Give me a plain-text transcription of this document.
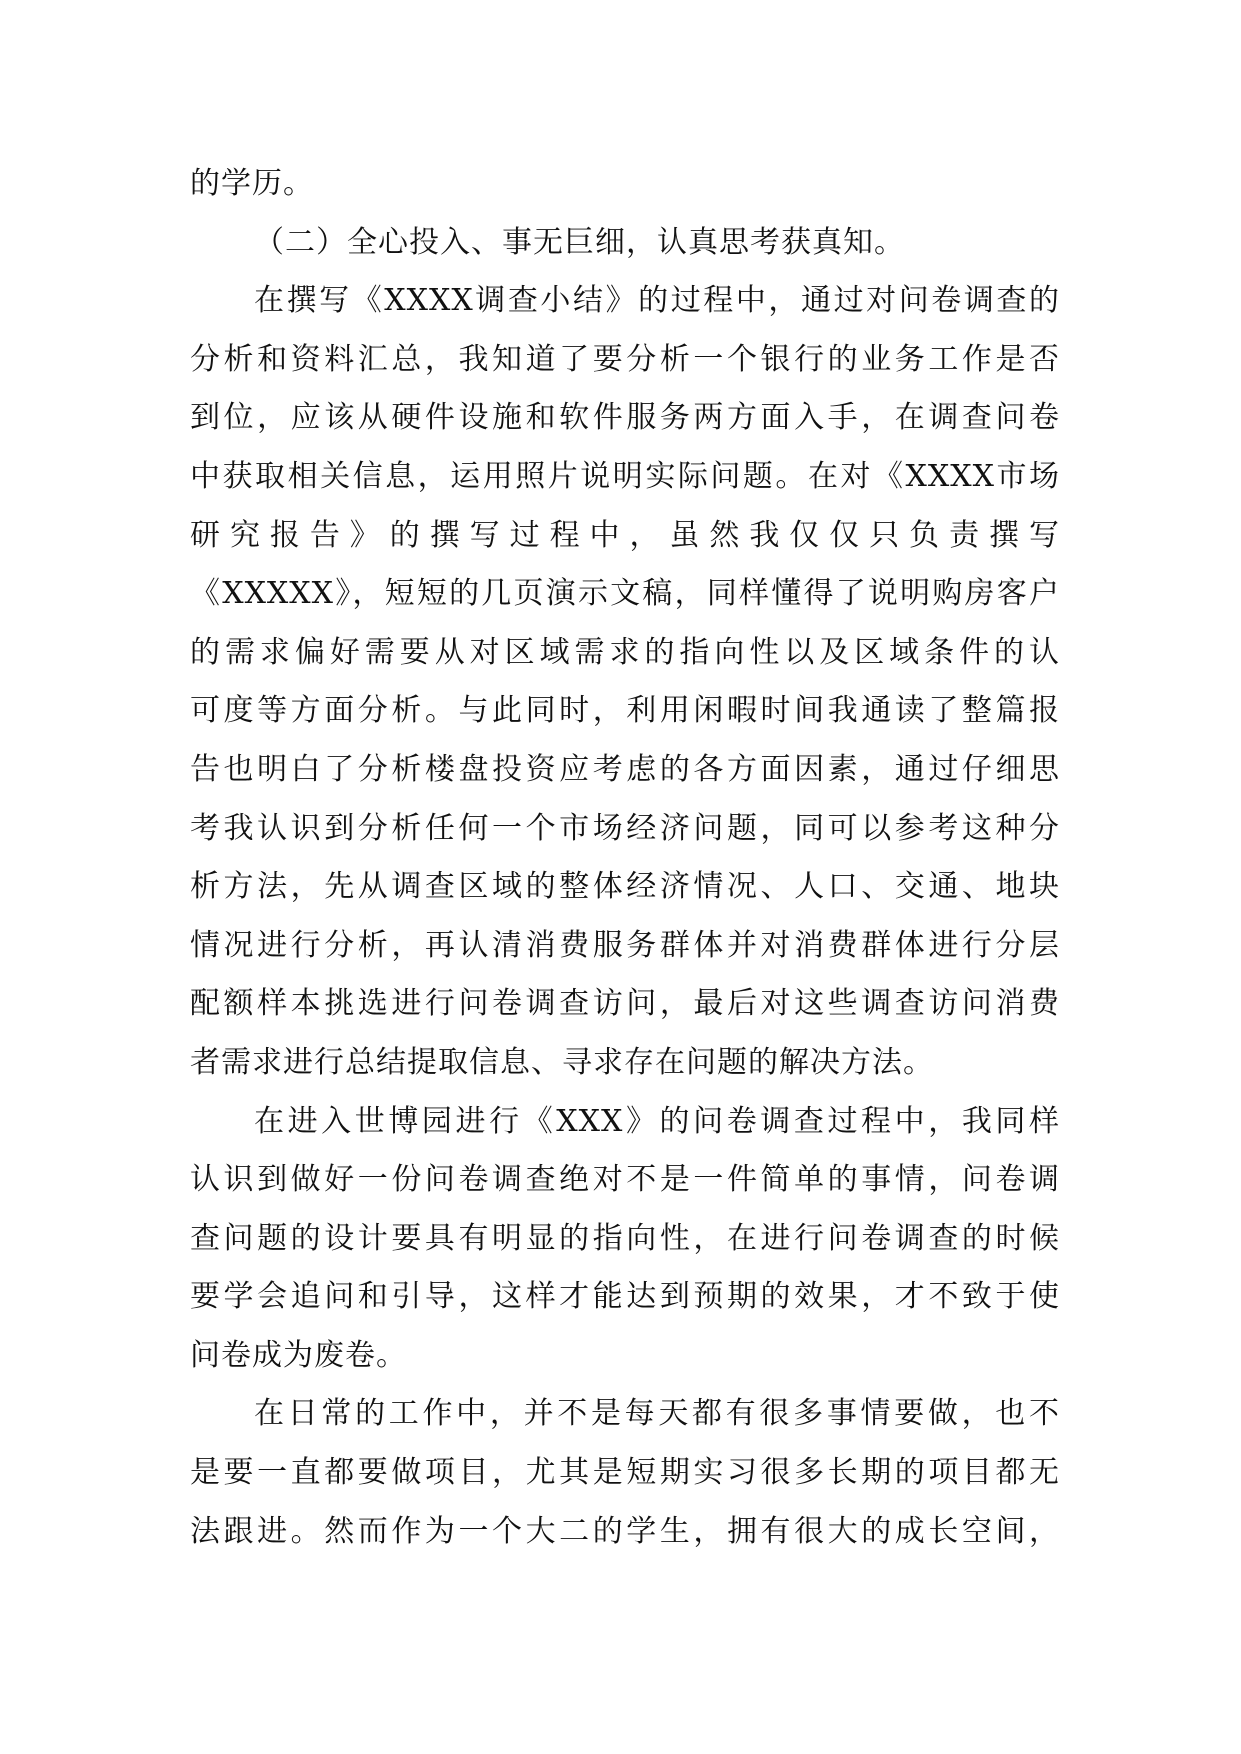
的学历。
（二）全心投入、事无巨细，认真思考获真知。
在撰写《XXXX调查小结》的过程中，通过对问卷调查的
分析和资料汇总，我知道了要分析一个银行的业务工作是否
到位，应该从硬件设施和软件服务两方面入手，在调查问卷
中获取相关信息，运用照片说明实际问题。在对《XXXX市场
研究报告》的撰写过程中，虽然我仅仅只负责撰写
《XXXXX》，短短的几页演示文稿，同样懂得了说明购房客户
的需求偏好需要从对区域需求的指向性以及区域条件的认
可度等方面分析。与此同时，利用闲暇时间我通读了整篇报
告也明白了分析楼盘投资应考虑的各方面因素，通过仔细思
考我认识到分析任何一个市场经济问题，同可以参考这种分
析方法，先从调查区域的整体经济情况、人口、交通、地块
情况进行分析，再认清消费服务群体并对消费群体进行分层
配额样本挑选进行问卷调查访问，最后对这些调查访问消费
者需求进行总结提取信息、寻求存在问题的解决方法。
在进入世博园进行《XXX》的问卷调查过程中，我同样
认识到做好一份问卷调查绝对不是一件简单的事情，问卷调
查问题的设计要具有明显的指向性，在进行问卷调查的时候
要学会追问和引导，这样才能达到预期的效果，才不致于使
问卷成为废卷。
在日常的工作中，并不是每天都有很多事情要做，也不
是要一直都要做项目，尤其是短期实习很多长期的项目都无
法跟进。然而作为一个大二的学生，拥有很大的成长空间，
